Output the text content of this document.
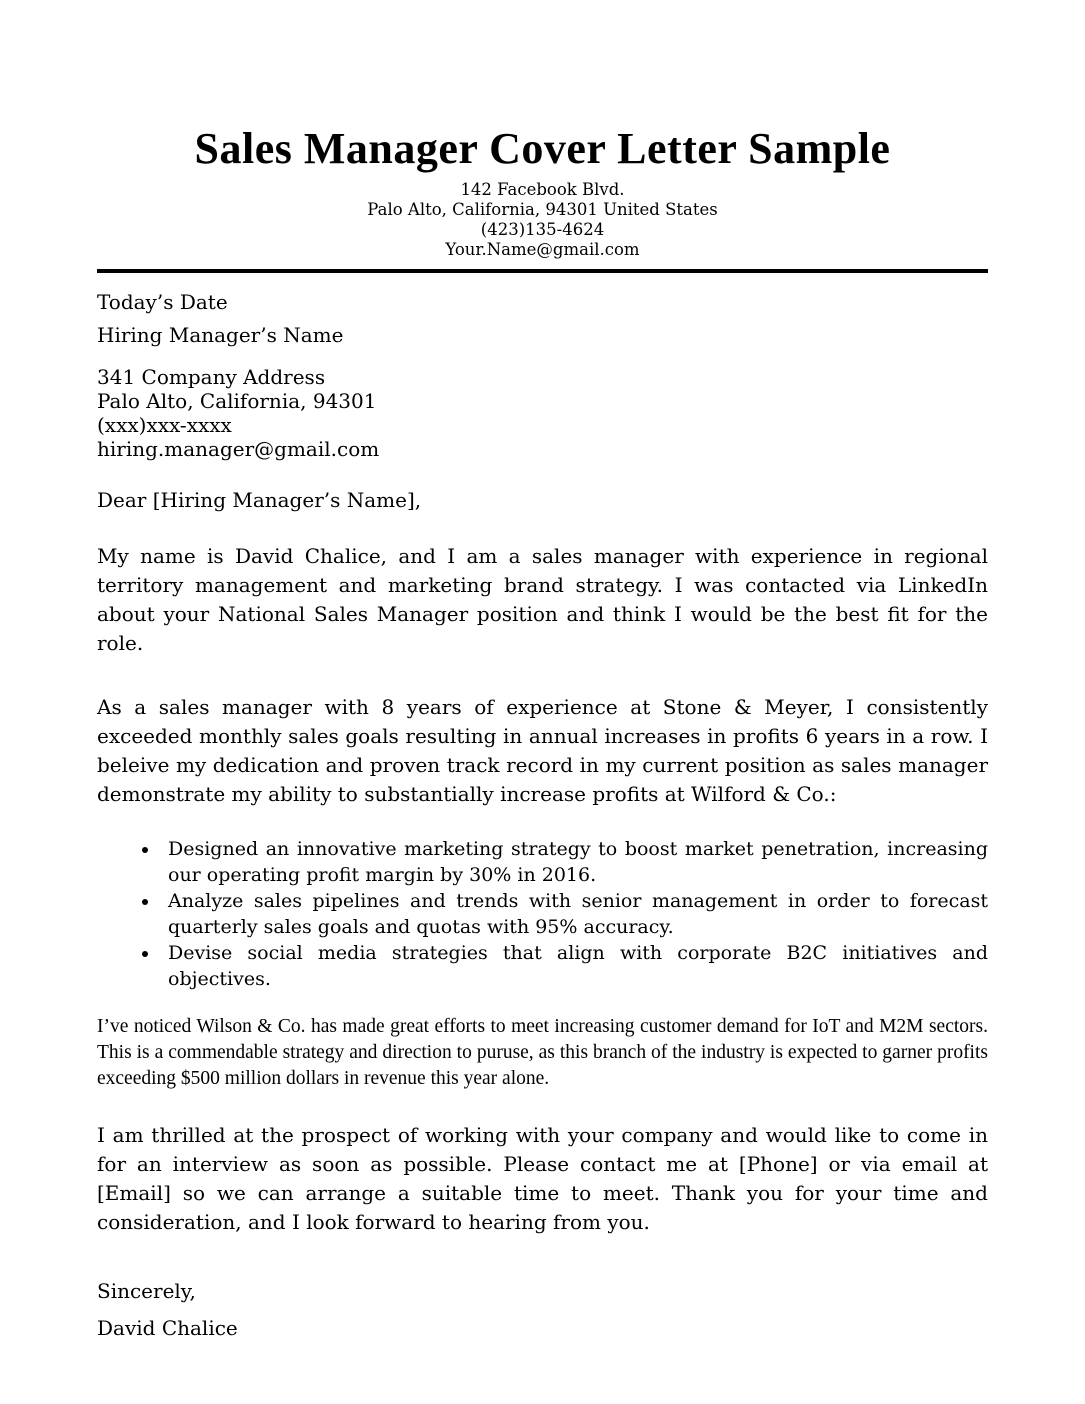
Sales Manager Cover Letter Sample
142 Facebook Blvd.
Palo Alto, California, 94301 United States
(423)135-4624
Your.Name@gmail.com
Today’s Date
Hiring Manager’s Name
341 Company Address
Palo Alto, California, 94301
(xxx)xxx-xxxx
hiring.manager@gmail.com

Dear [Hiring Manager’s Name],

My name is David Chalice, and I am a sales manager with experience in regional territory management and marketing brand strategy. I was contacted via LinkedIn about your National Sales Manager position and think I would be the best fit for the role.

As a sales manager with 8 years of experience at Stone & Meyer, I consistently exceeded monthly sales goals resulting in annual increases in profits 6 years in a row. I beleive my dedication and proven track record in my current position as sales manager demonstrate my ability to substantially increase profits at Wilford & Co.:

• Designed an innovative marketing strategy to boost market penetration, increasing our operating profit margin by 30% in 2016.
• Analyze sales pipelines and trends with senior management in order to forecast quarterly sales goals and quotas with 95% accuracy.
• Devise social media strategies that align with corporate B2C initiatives and objectives.

I’ve noticed Wilson & Co. has made great efforts to meet increasing customer demand for IoT and M2M sectors. This is a commendable strategy and direction to puruse, as this branch of the industry is expected to garner profits exceeding $500 million dollars in revenue this year alone.

I am thrilled at the prospect of working with your company and would like to come in for an interview as soon as possible. Please contact me at [Phone] or via email at [Email] so we can arrange a suitable time to meet. Thank you for your time and consideration, and I look forward to hearing from you.

Sincerely,

David Chalice
